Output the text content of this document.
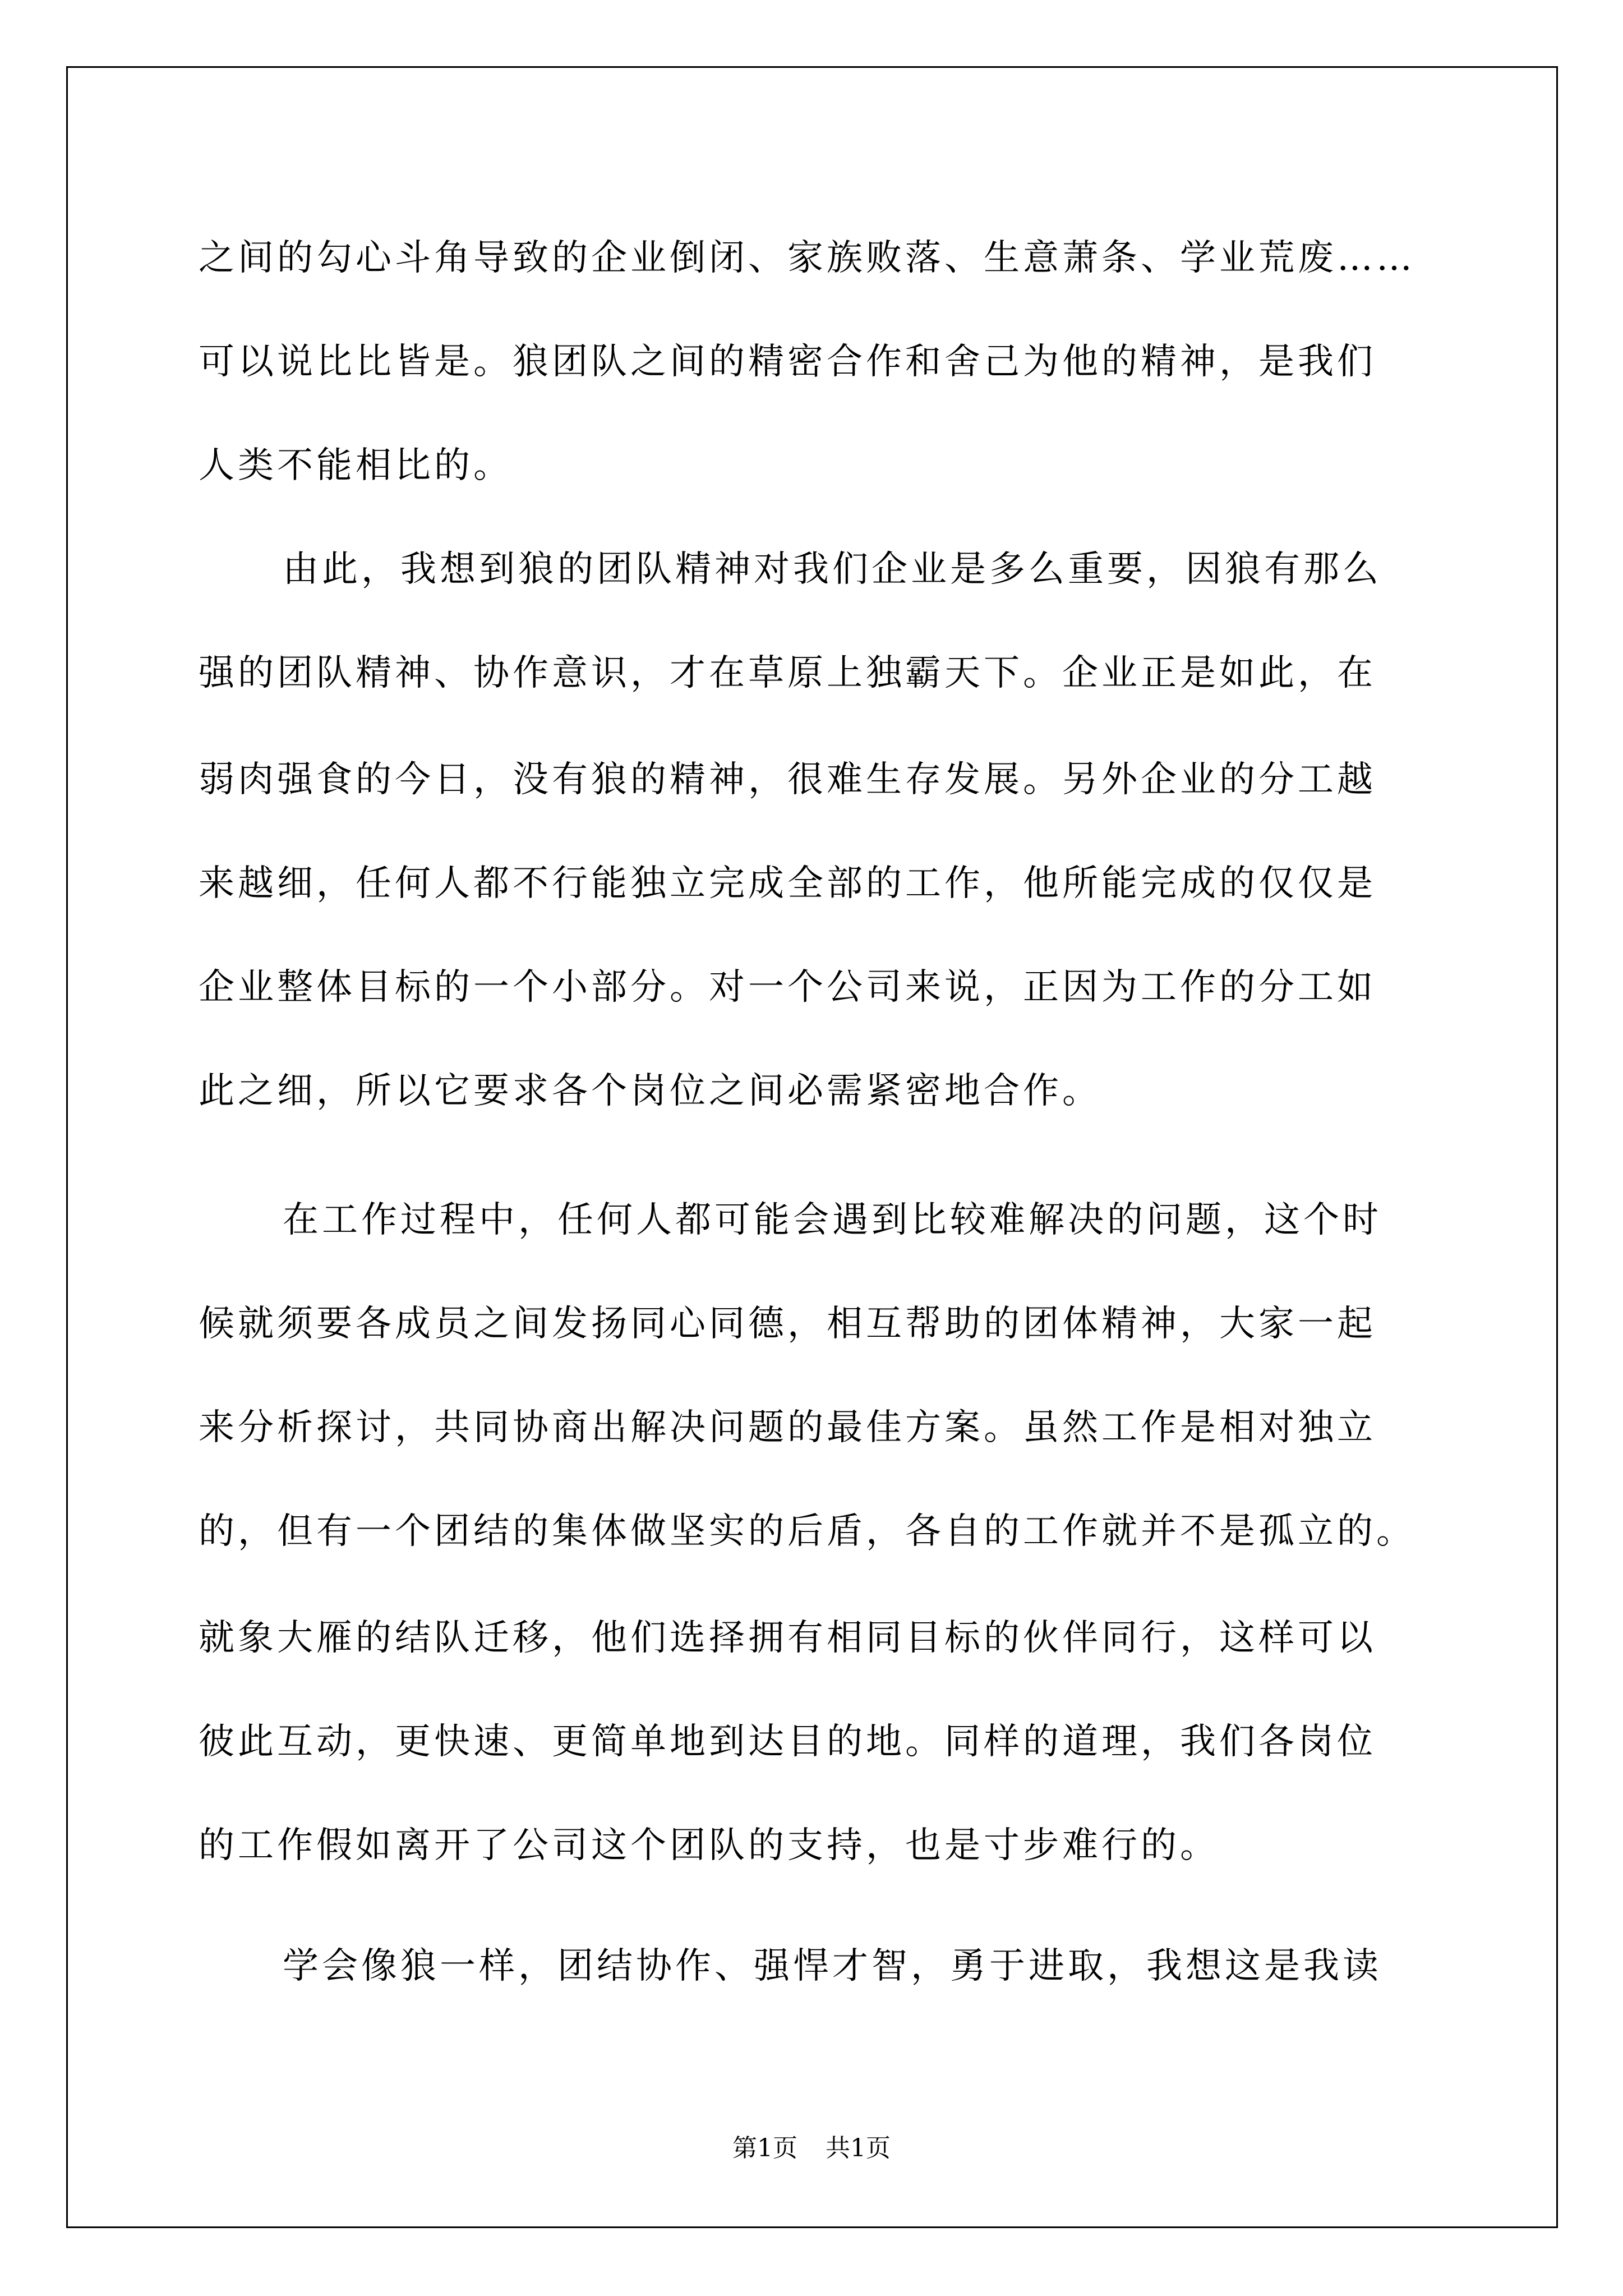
之间的勾心斗角导致的企业倒闭、家族败落、生意萧条、学业荒废……
可以说比比皆是。狼团队之间的精密合作和舍己为他的精神，是我们
人类不能相比的。
由此，我想到狼的团队精神对我们企业是多么重要，因狼有那么
强的团队精神、协作意识，才在草原上独霸天下。企业正是如此，在
弱肉强食的今日，没有狼的精神，很难生存发展。另外企业的分工越
来越细，任何人都不行能独立完成全部的工作，他所能完成的仅仅是
企业整体目标的一个小部分。对一个公司来说，正因为工作的分工如
此之细，所以它要求各个岗位之间必需紧密地合作。
在工作过程中，任何人都可能会遇到比较难解决的问题，这个时
候就须要各成员之间发扬同心同德，相互帮助的团体精神，大家一起
来分析探讨，共同协商出解决问题的最佳方案。虽然工作是相对独立
的，但有一个团结的集体做坚实的后盾，各自的工作就并不是孤立的。
就象大雁的结队迁移，他们选择拥有相同目标的伙伴同行，这样可以
彼此互动，更快速、更简单地到达目的地。同样的道理，我们各岗位
的工作假如离开了公司这个团队的支持，也是寸步难行的。
学会像狼一样，团结协作、强悍才智，勇于进取，我想这是我读
第1页 共1页
